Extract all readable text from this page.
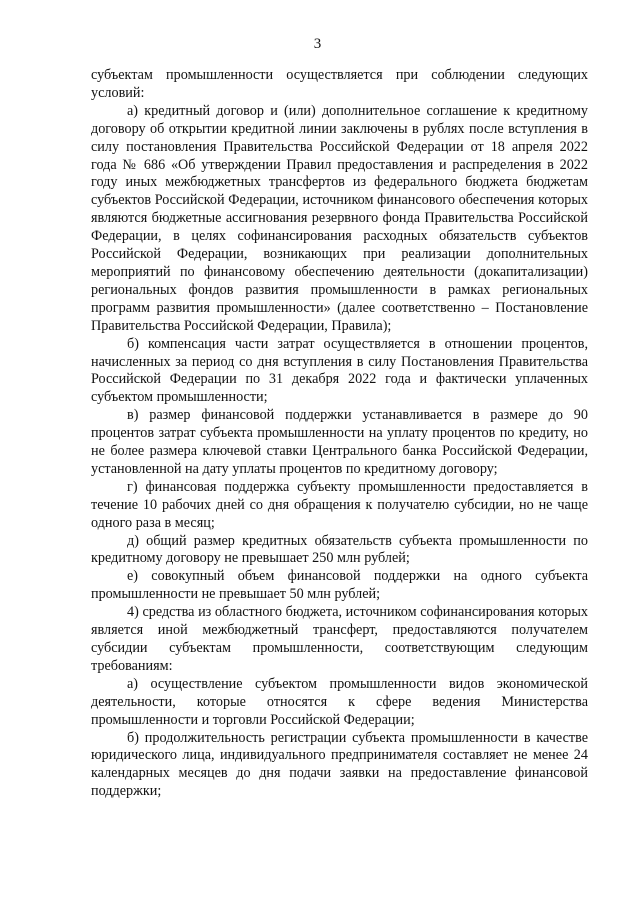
3

субъектам промышленности осуществляется при соблюдении следующих условий:

а) кредитный договор и (или) дополнительное соглашение к кредитному договору об открытии кредитной линии заключены в рублях после вступления в силу постановления Правительства Российской Федерации от 18 апреля 2022 года № 686 «Об утверждении Правил предоставления и распределения в 2022 году иных межбюджетных трансфертов из федерального бюджета бюджетам субъектов Российской Федерации, источником финансового обеспечения которых являются бюджетные ассигнования резервного фонда Правительства Российской Федерации, в целях софинансирования расходных обязательств субъектов Российской Федерации, возникающих при реализации дополнительных мероприятий по финансовому обеспечению деятельности (докапитализации) региональных фондов развития промышленности в рамках региональных программ развития промышленности» (далее соответственно – Постановление Правительства Российской Федерации, Правила);

б) компенсация части затрат осуществляется в отношении процентов, начисленных за период со дня вступления в силу Постановления Правительства Российской Федерации по 31 декабря 2022 года и фактически уплаченных субъектом промышленности;

в) размер финансовой поддержки устанавливается в размере до 90 процентов затрат субъекта промышленности на уплату процентов по кредиту, но не более размера ключевой ставки Центрального банка Российской Федерации, установленной на дату уплаты процентов по кредитному договору;

г) финансовая поддержка субъекту промышленности предоставляется в течение 10 рабочих дней со дня обращения к получателю субсидии, но не чаще одного раза в месяц;

д) общий размер кредитных обязательств субъекта промышленности по кредитному договору не превышает 250 млн рублей;

е) совокупный объем финансовой поддержки на одного субъекта промышленности не превышает 50 млн рублей;

4) средства из областного бюджета, источником софинансирования которых является иной межбюджетный трансферт, предоставляются получателем субсидии субъектам промышленности, соответствующим следующим требованиям:

а) осуществление субъектом промышленности видов экономической деятельности, которые относятся к сфере ведения Министерства промышленности и торговли Российской Федерации;

б) продолжительность регистрации субъекта промышленности в качестве юридического лица, индивидуального предпринимателя составляет не менее 24 календарных месяцев до дня подачи заявки на предоставление финансовой поддержки;
